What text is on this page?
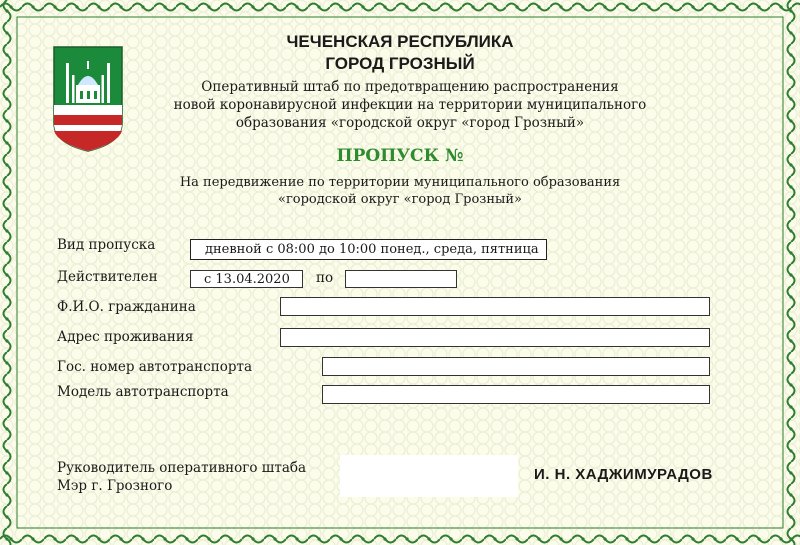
ЧЕЧЕНСКАЯ РЕСПУБЛИКА
ГОРОД ГРОЗНЫЙ
Оперативный штаб по предотвращению распространения
новой коронавирусной инфекции на территории муниципального
образования «городской округ «город Грозный»
ПРОПУСК №
На передвижение по территории муниципального образования
«городской округ «город Грозный»
Вид пропуска	дневной с 08:00 до 10:00 понед., среда, пятница
Действителен	с 13.04.2020	по
Ф.И.О. гражданина
Адрес проживания
Гос. номер автотранспорта
Модель автотранспорта
Руководитель оперативного штаба
Мэр г. Грозного
И. Н. ХАДЖИМУРАДОВ
